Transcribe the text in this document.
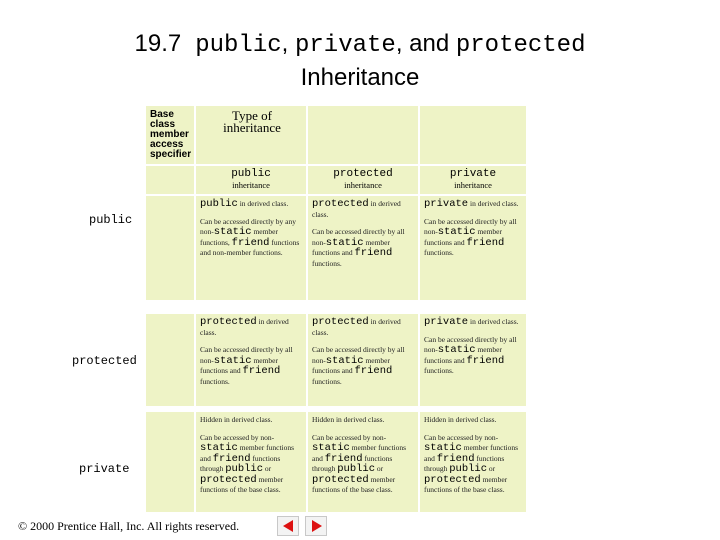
19.7 public, private, and protected
Inheritance
Base
class
member
access
specifier
Type of
inheritance
public
inheritance
protected
inheritance
private
inheritance
public
public in derived class.
Can be accessed directly by any non-static member functions, friend functions and non-member functions.
protected in derived class.
Can be accessed directly by all non-static member functions and friend functions.
private in derived class.
Can be accessed directly by all non-static member functions and friend functions.
protected
protected in derived class.
Can be accessed directly by all non-static member functions and friend functions.
protected in derived class.
Can be accessed directly by all non-static member functions and friend functions.
private in derived class.
Can be accessed directly by all non-static member functions and friend functions.
private
Hidden in derived class.
Can be accessed by non-static member functions and friend functions through public or protected member functions of the base class.
Hidden in derived class.
Can be accessed by non-static member functions and friend functions through public or protected member functions of the base class.
Hidden in derived class.
Can be accessed by non-static member functions and friend functions through public or protected member functions of the base class.
© 2000 Prentice Hall, Inc. All rights reserved.
